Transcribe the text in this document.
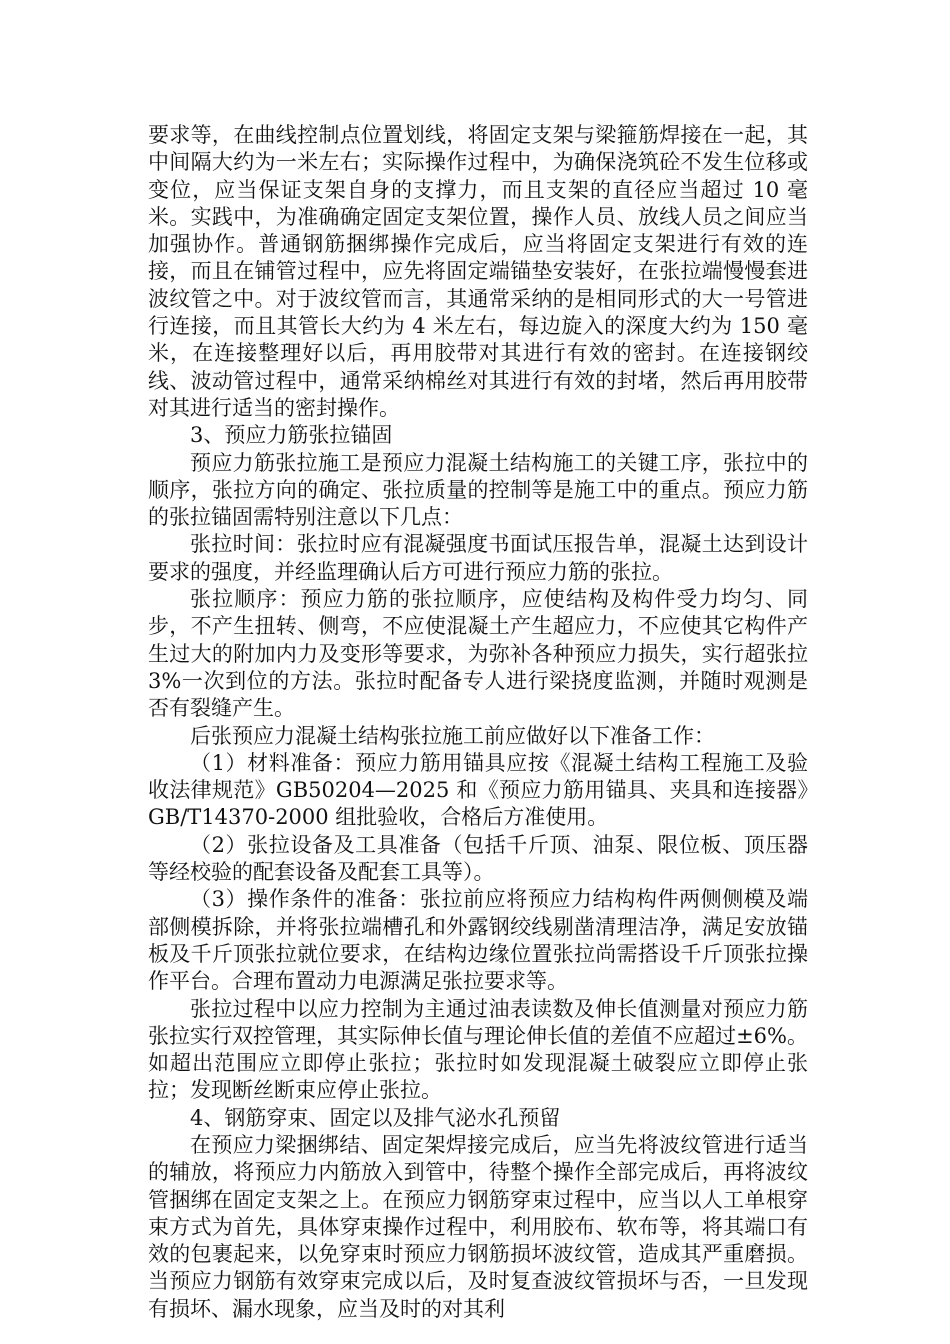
要求等，在曲线控制点位置划线，将固定支架与梁箍筋焊接在一起，其中间隔大约为一米左右；实际操作过程中，为确保浇筑砼不发生位移或变位，应当保证支架自身的支撑力，而且支架的直径应当超过 10 毫米。实践中，为准确确定固定支架位置，操作人员、放线人员之间应当加强协作。普通钢筋捆绑操作完成后，应当将固定支架进行有效的连接，而且在铺管过程中，应先将固定端锚垫安装好，在张拉端慢慢套进波纹管之中。对于波纹管而言，其通常采纳的是相同形式的大一号管进行连接，而且其管长大约为 4 米左右，每边旋入的深度大约为 150 毫米，在连接整理好以后，再用胶带对其进行有效的密封。在连接钢绞线、波动管过程中，通常采纳棉丝对其进行有效的封堵，然后再用胶带对其进行适当的密封操作。

3、预应力筋张拉锚固

预应力筋张拉施工是预应力混凝土结构施工的关键工序，张拉中的顺序，张拉方向的确定、张拉质量的控制等是施工中的重点。预应力筋的张拉锚固需特别注意以下几点：

张拉时间：张拉时应有混凝强度书面试压报告单，混凝土达到设计要求的强度，并经监理确认后方可进行预应力筋的张拉。

张拉顺序：预应力筋的张拉顺序，应使结构及构件受力均匀、同步，不产生扭转、侧弯，不应使混凝土产生超应力，不应使其它构件产生过大的附加内力及变形等要求，为弥补各种预应力损失，实行超张拉 3%一次到位的方法。张拉时配备专人进行梁挠度监测，并随时观测是否有裂缝产生。

后张预应力混凝土结构张拉施工前应做好以下准备工作：

（1）材料准备：预应力筋用锚具应按《混凝土结构工程施工及验收法律规范》GB50204—2025 和《预应力筋用锚具、夹具和连接器》GB/T14370-2000 组批验收，合格后方准使用。

（2）张拉设备及工具准备（包括千斤顶、油泵、限位板、顶压器等经校验的配套设备及配套工具等）。

（3）操作条件的准备：张拉前应将预应力结构构件两侧侧模及端部侧模拆除，并将张拉端槽孔和外露钢绞线剔凿清理洁净，满足安放锚板及千斤顶张拉就位要求，在结构边缘位置张拉尚需搭设千斤顶张拉操作平台。合理布置动力电源满足张拉要求等。

张拉过程中以应力控制为主通过油表读数及伸长值测量对预应力筋张拉实行双控管理，其实际伸长值与理论伸长值的差值不应超过±6%。如超出范围应立即停止张拉；张拉时如发现混凝土破裂应立即停止张拉；发现断丝断束应停止张拉。

4、钢筋穿束、固定以及排气泌水孔预留

在预应力梁捆绑结、固定架焊接完成后，应当先将波纹管进行适当的辅放，将预应力内筋放入到管中，待整个操作全部完成后，再将波纹管捆绑在固定支架之上。在预应力钢筋穿束过程中，应当以人工单根穿束方式为首先，具体穿束操作过程中，利用胶布、软布等，将其端口有效的包裹起来，以免穿束时预应力钢筋损坏波纹管，造成其严重磨损。当预应力钢筋有效穿束完成以后，及时复查波纹管损坏与否，一旦发现有损坏、漏水现象，应当及时的对其利
